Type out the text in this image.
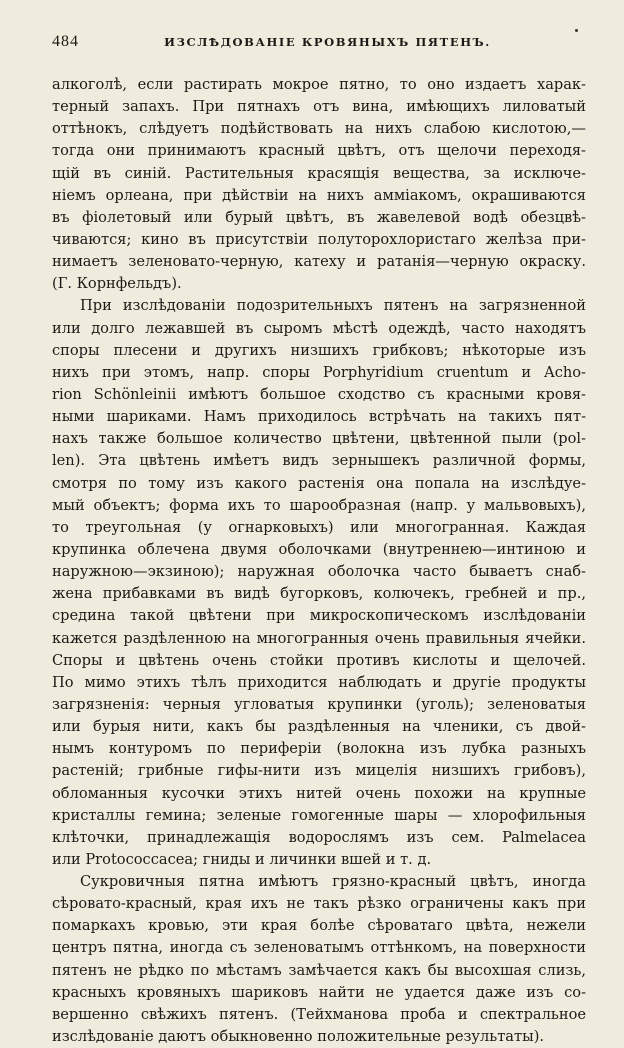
484	ИЗСЛѢДОВАНIЕ КРОВЯНЫХЪ ПЯТЕНЪ.
алкоголѣ, если растирать мокрое пятно, то оно издаетъ харак-
терный запахъ. При пятнахъ отъ вина, имѣющихъ лиловатый
оттѣнокъ, слѣдуетъ подѣйствовать на нихъ слабою кислотою,—
тогда они принимаютъ красный цвѣтъ, отъ щелочи переходя-
щій въ синій. Растительныя красящія вещества, за исключе-
ніемъ орлеана, при дѣйствіи на нихъ амміакомъ, окрашиваются
въ фіолетовый или бурый цвѣтъ, въ жавелевой водѣ обезцвѣ-
чиваются; кино въ присутствіи полуторохлористаго желѣза при-
нимаетъ зеленовато-черную, катеху и ратанія—черную окраску.
(Г. Корнфельдъ).
При изслѣдованіи подозрительныхъ пятенъ на загрязненной
или долго лежавшей въ сыромъ мѣстѣ одеждѣ, часто находятъ
споры плесени и другихъ низшихъ грибковъ; нѣкоторые изъ
нихъ при этомъ, напр. споры Porphyridium cruentum и Achо-
rion Schönleinii имѣютъ большое сходство съ красными кровя-
ными шариками. Намъ приходилось встрѣчать на такихъ пят-
нахъ также большое количество цвѣтени, цвѣтенной пыли (pol-
len). Эта цвѣтень имѣетъ видъ зернышекъ различной формы,
смотря по тому изъ какого растенія она попала на изслѣдуе-
мый объектъ; форма ихъ то шарообразная (напр. у мальвовыхъ),
то треугольная (у огнарковыхъ) или многогранная. Каждая
крупинка облечена двумя оболочками (внутреннею—интиною и
наружною—экзиною); наружная оболочка часто бываетъ снаб-
жена прибавками въ видѣ бугорковъ, колючекъ, гребней и пр.,
средина такой цвѣтени при микроскопическомъ изслѣдованіи
кажется раздѣленною на многогранныя очень правильныя ячейки.
Споры и цвѣтень очень стойки противъ кислоты и щелочей.
По мимо этихъ тѣлъ приходится наблюдать и другіе продукты
загрязненія: черныя угловатыя крупинки (уголь); зеленоватыя
или бурыя нити, какъ бы раздѣленныя на членики, съ двой-
нымъ контуромъ по периферіи (волокна изъ лубка разныхъ
растеній; грибные гифы-нити изъ мицелія низшихъ грибовъ),
обломанныя кусочки этихъ нитей очень похожи на крупные
кристаллы гемина; зеленые гомогенные шары — хлорофильныя
клѣточки, принадлежащія водорослямъ изъ сем. Palmelacea
или Protococcacea; гниды и личинки вшей и т. д.
Сукровичныя пятна имѣютъ грязно-красный цвѣтъ, иногда
сѣровато-красный, края ихъ не такъ рѣзко ограничены какъ при
помаркахъ кровью, эти края болѣе сѣроватаго цвѣта, нежели
центръ пятна, иногда съ зеленоватымъ оттѣнкомъ, на поверхности
пятенъ не рѣдко по мѣстамъ замѣчается какъ бы высохшая слизь,
красныхъ кровяныхъ шариковъ найти не удается даже изъ со-
вершенно свѣжихъ пятенъ. (Тейхманова проба и спектральное
изслѣдованіе даютъ обыкновенно положительные результаты).
